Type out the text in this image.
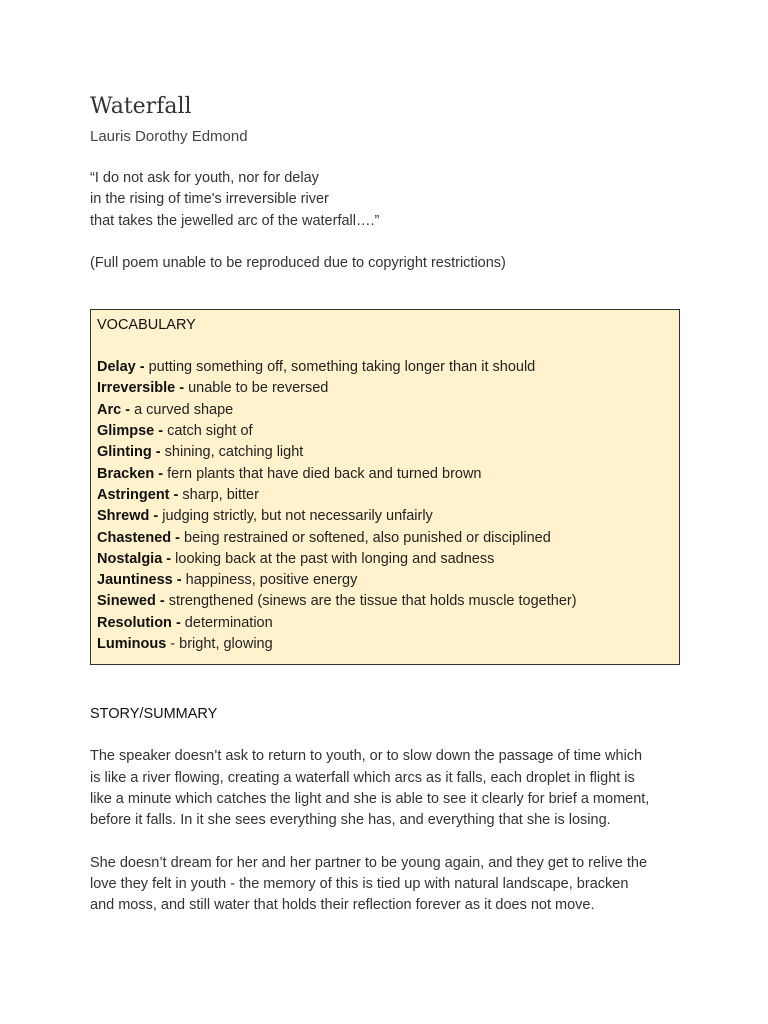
Waterfall

Lauris Dorothy Edmond

“I do not ask for youth, nor for delay
in the rising of time's irreversible river
that takes the jewelled arc of the waterfall….”
(Full poem unable to be reproduced due to copyright restrictions)
VOCABULARY
Delay - putting something off, something taking longer than it should
Irreversible - unable to be reversed
Arc - a curved shape
Glimpse - catch sight of
Glinting - shining, catching light
Bracken - fern plants that have died back and turned brown
Astringent - sharp, bitter
Shrewd - judging strictly, but not necessarily unfairly
Chastened - being restrained or softened, also punished or disciplined
Nostalgia - looking back at the past with longing and sadness
Jauntiness - happiness, positive energy
Sinewed - strengthened (sinews are the tissue that holds muscle together)
Resolution - determination
Luminous - bright, glowing
STORY/SUMMARY
The speaker doesn’t ask to return to youth, or to slow down the passage of time which
is like a river flowing, creating a waterfall which arcs as it falls, each droplet in flight is
like a minute which catches the light and she is able to see it clearly for brief a moment,
before it falls. In it she sees everything she has, and everything that she is losing.
She doesn’t dream for her and her partner to be young again, and they get to relive the
love they felt in youth - the memory of this is tied up with natural landscape, bracken
and moss, and still water that holds their reflection forever as it does not move.
